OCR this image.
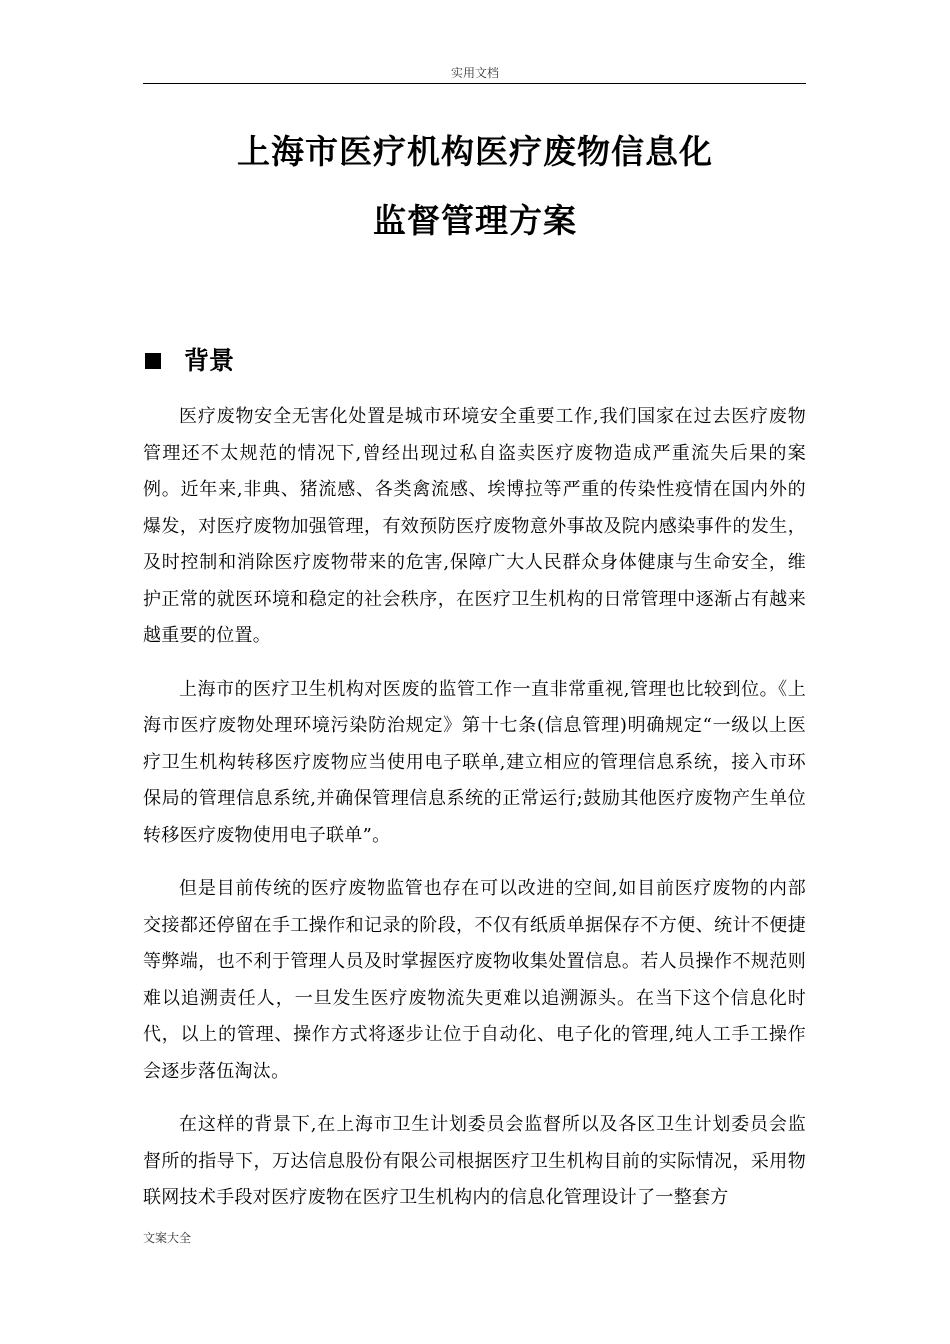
实用文档
上海市医疗机构医疗废物信息化
监督管理方案
背景

医疗废物安全无害化处置是城市环境安全重要工作,我们国家在过去医疗废物管理还不太规范的情况下,曾经出现过私自盗卖医疗废物造成严重流失后果的案例。近年来,非典、猪流感、各类禽流感、埃博拉等严重的传染性疫情在国内外的爆发，对医疗废物加强管理，有效预防医疗废物意外事故及院内感染事件的发生，及时控制和消除医疗废物带来的危害,保障广大人民群众身体健康与生命安全，维护正常的就医环境和稳定的社会秩序，在医疗卫生机构的日常管理中逐渐占有越来越重要的位置。

上海市的医疗卫生机构对医废的监管工作一直非常重视,管理也比较到位。《上海市医疗废物处理环境污染防治规定》第十七条(信息管理)明确规定“一级以上医疗卫生机构转移医疗废物应当使用电子联单,建立相应的管理信息系统，接入市环保局的管理信息系统,并确保管理信息系统的正常运行;鼓励其他医疗废物产生单位转移医疗废物使用电子联单”。

但是目前传统的医疗废物监管也存在可以改进的空间,如目前医疗废物的内部交接都还停留在手工操作和记录的阶段，不仅有纸质单据保存不方便、统计不便捷等弊端，也不利于管理人员及时掌握医疗废物收集处置信息。若人员操作不规范则难以追溯责任人，一旦发生医疗废物流失更难以追溯源头。在当下这个信息化时代，以上的管理、操作方式将逐步让位于自动化、电子化的管理,纯人工手工操作会逐步落伍淘汰。

在这样的背景下,在上海市卫生计划委员会监督所以及各区卫生计划委员会监督所的指导下，万达信息股份有限公司根据医疗卫生机构目前的实际情况，采用物联网技术手段对医疗废物在医疗卫生机构内的信息化管理设计了一整套方

文案大全
